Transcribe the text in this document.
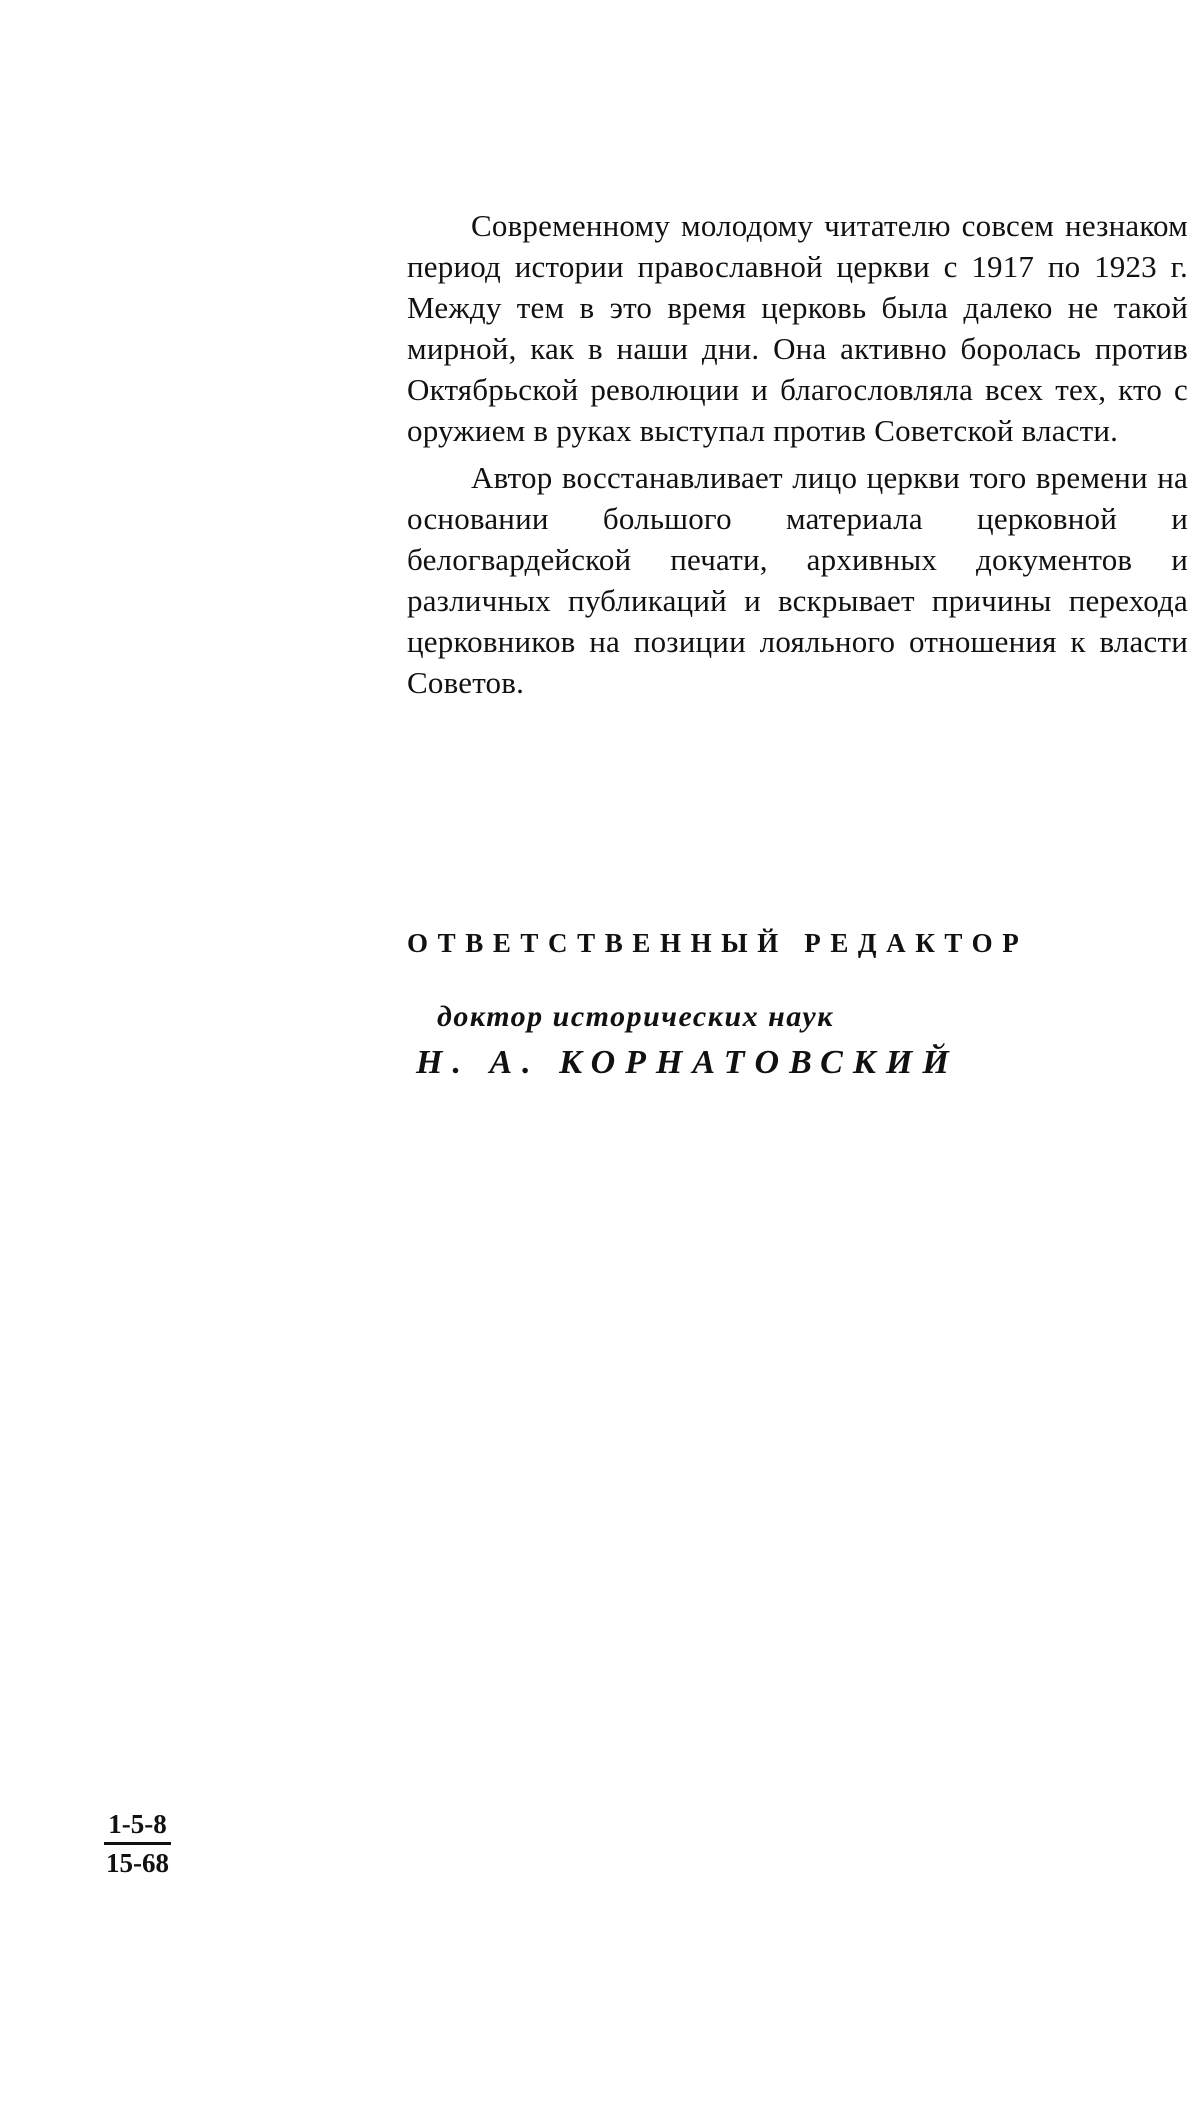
Современному молодому читателю совсем незнаком период истории православной церкви с 1917 по 1923 г. Между тем в это время церковь была далеко не такой мирной, как в наши дни. Она активно боролась против Октябрьской революции и благословляла всех тех, кто с оружием в руках выступал против Советской власти.

Автор восстанавливает лицо церкви того времени на основании большого материала церковной и белогвардейской печати, архивных документов и различных публикаций и вскрывает причины перехода церковников на позиции лояльного отношения к власти Советов.

ОТВЕТСТВЕННЫЙ РЕДАКТОР
доктор исторических наук
Н. А. КОРНАТОВСКИЙ
$\frac{1-5-8}{15-68}$
